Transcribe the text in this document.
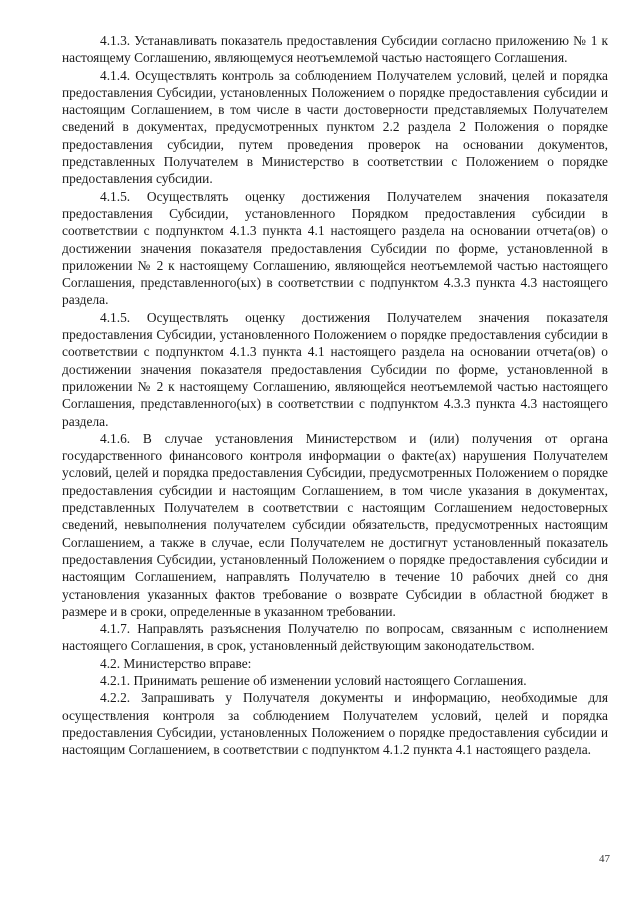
4.1.3. Устанавливать показатель предоставления Субсидии согласно приложению № 1 к настоящему Соглашению, являющемуся неотъемлемой частью настоящего Соглашения.

4.1.4. Осуществлять контроль за соблюдением Получателем условий, целей и порядка предоставления Субсидии, установленных Положением о порядке предоставления субсидии и настоящим Соглашением, в том числе в части достоверности представляемых Получателем сведений в документах, предусмотренных пунктом 2.2 раздела 2 Положения о порядке предоставления субсидии, путем проведения проверок на основании документов, представленных Получателем в Министерство в соответствии с Положением о порядке предоставления субсидии.

4.1.5. Осуществлять оценку достижения Получателем значения показателя предоставления Субсидии, установленного Порядком предоставления субсидии в соответствии с подпунктом 4.1.3 пункта 4.1 настоящего раздела на основании отчета(ов) о достижении значения показателя предоставления Субсидии по форме, установленной в приложении № 2 к настоящему Соглашению, являющейся неотъемлемой частью настоящего Соглашения, представленного(ых) в соответствии с подпунктом 4.3.3 пункта 4.3 настоящего раздела.

4.1.5. Осуществлять оценку достижения Получателем значения показателя предоставления Субсидии, установленного Положением о порядке предоставления субсидии в соответствии с подпунктом 4.1.3 пункта 4.1 настоящего раздела на основании отчета(ов) о достижении значения показателя предоставления Субсидии по форме, установленной в приложении № 2 к настоящему Соглашению, являющейся неотъемлемой частью настоящего Соглашения, представленного(ых) в соответствии с подпунктом 4.3.3 пункта 4.3 настоящего раздела.

4.1.6. В случае установления Министерством и (или) получения от органа государственного финансового контроля информации о факте(ах) нарушения Получателем условий, целей и порядка предоставления Субсидии, предусмотренных Положением о порядке предоставления субсидии и настоящим Соглашением, в том числе указания в документах, представленных Получателем в соответствии с настоящим Соглашением недостоверных сведений, невыполнения получателем субсидии обязательств, предусмотренных настоящим Соглашением, а также в случае, если Получателем не достигнут установленный показатель предоставления Субсидии, установленный Положением о порядке предоставления субсидии и настоящим Соглашением, направлять Получателю в течение 10 рабочих дней со дня установления указанных фактов требование о возврате Субсидии в областной бюджет в размере и в сроки, определенные в указанном требовании.

4.1.7. Направлять разъяснения Получателю по вопросам, связанным с исполнением настоящего Соглашения, в срок, установленный действующим законодательством.

4.2. Министерство вправе:

4.2.1. Принимать решение об изменении условий настоящего Соглашения.

4.2.2. Запрашивать у Получателя документы и информацию, необходимые для осуществления контроля за соблюдением Получателем условий, целей и порядка предоставления Субсидии, установленных Положением о порядке предоставления субсидии и настоящим Соглашением, в соответствии с подпунктом 4.1.2 пункта 4.1 настоящего раздела.

47
